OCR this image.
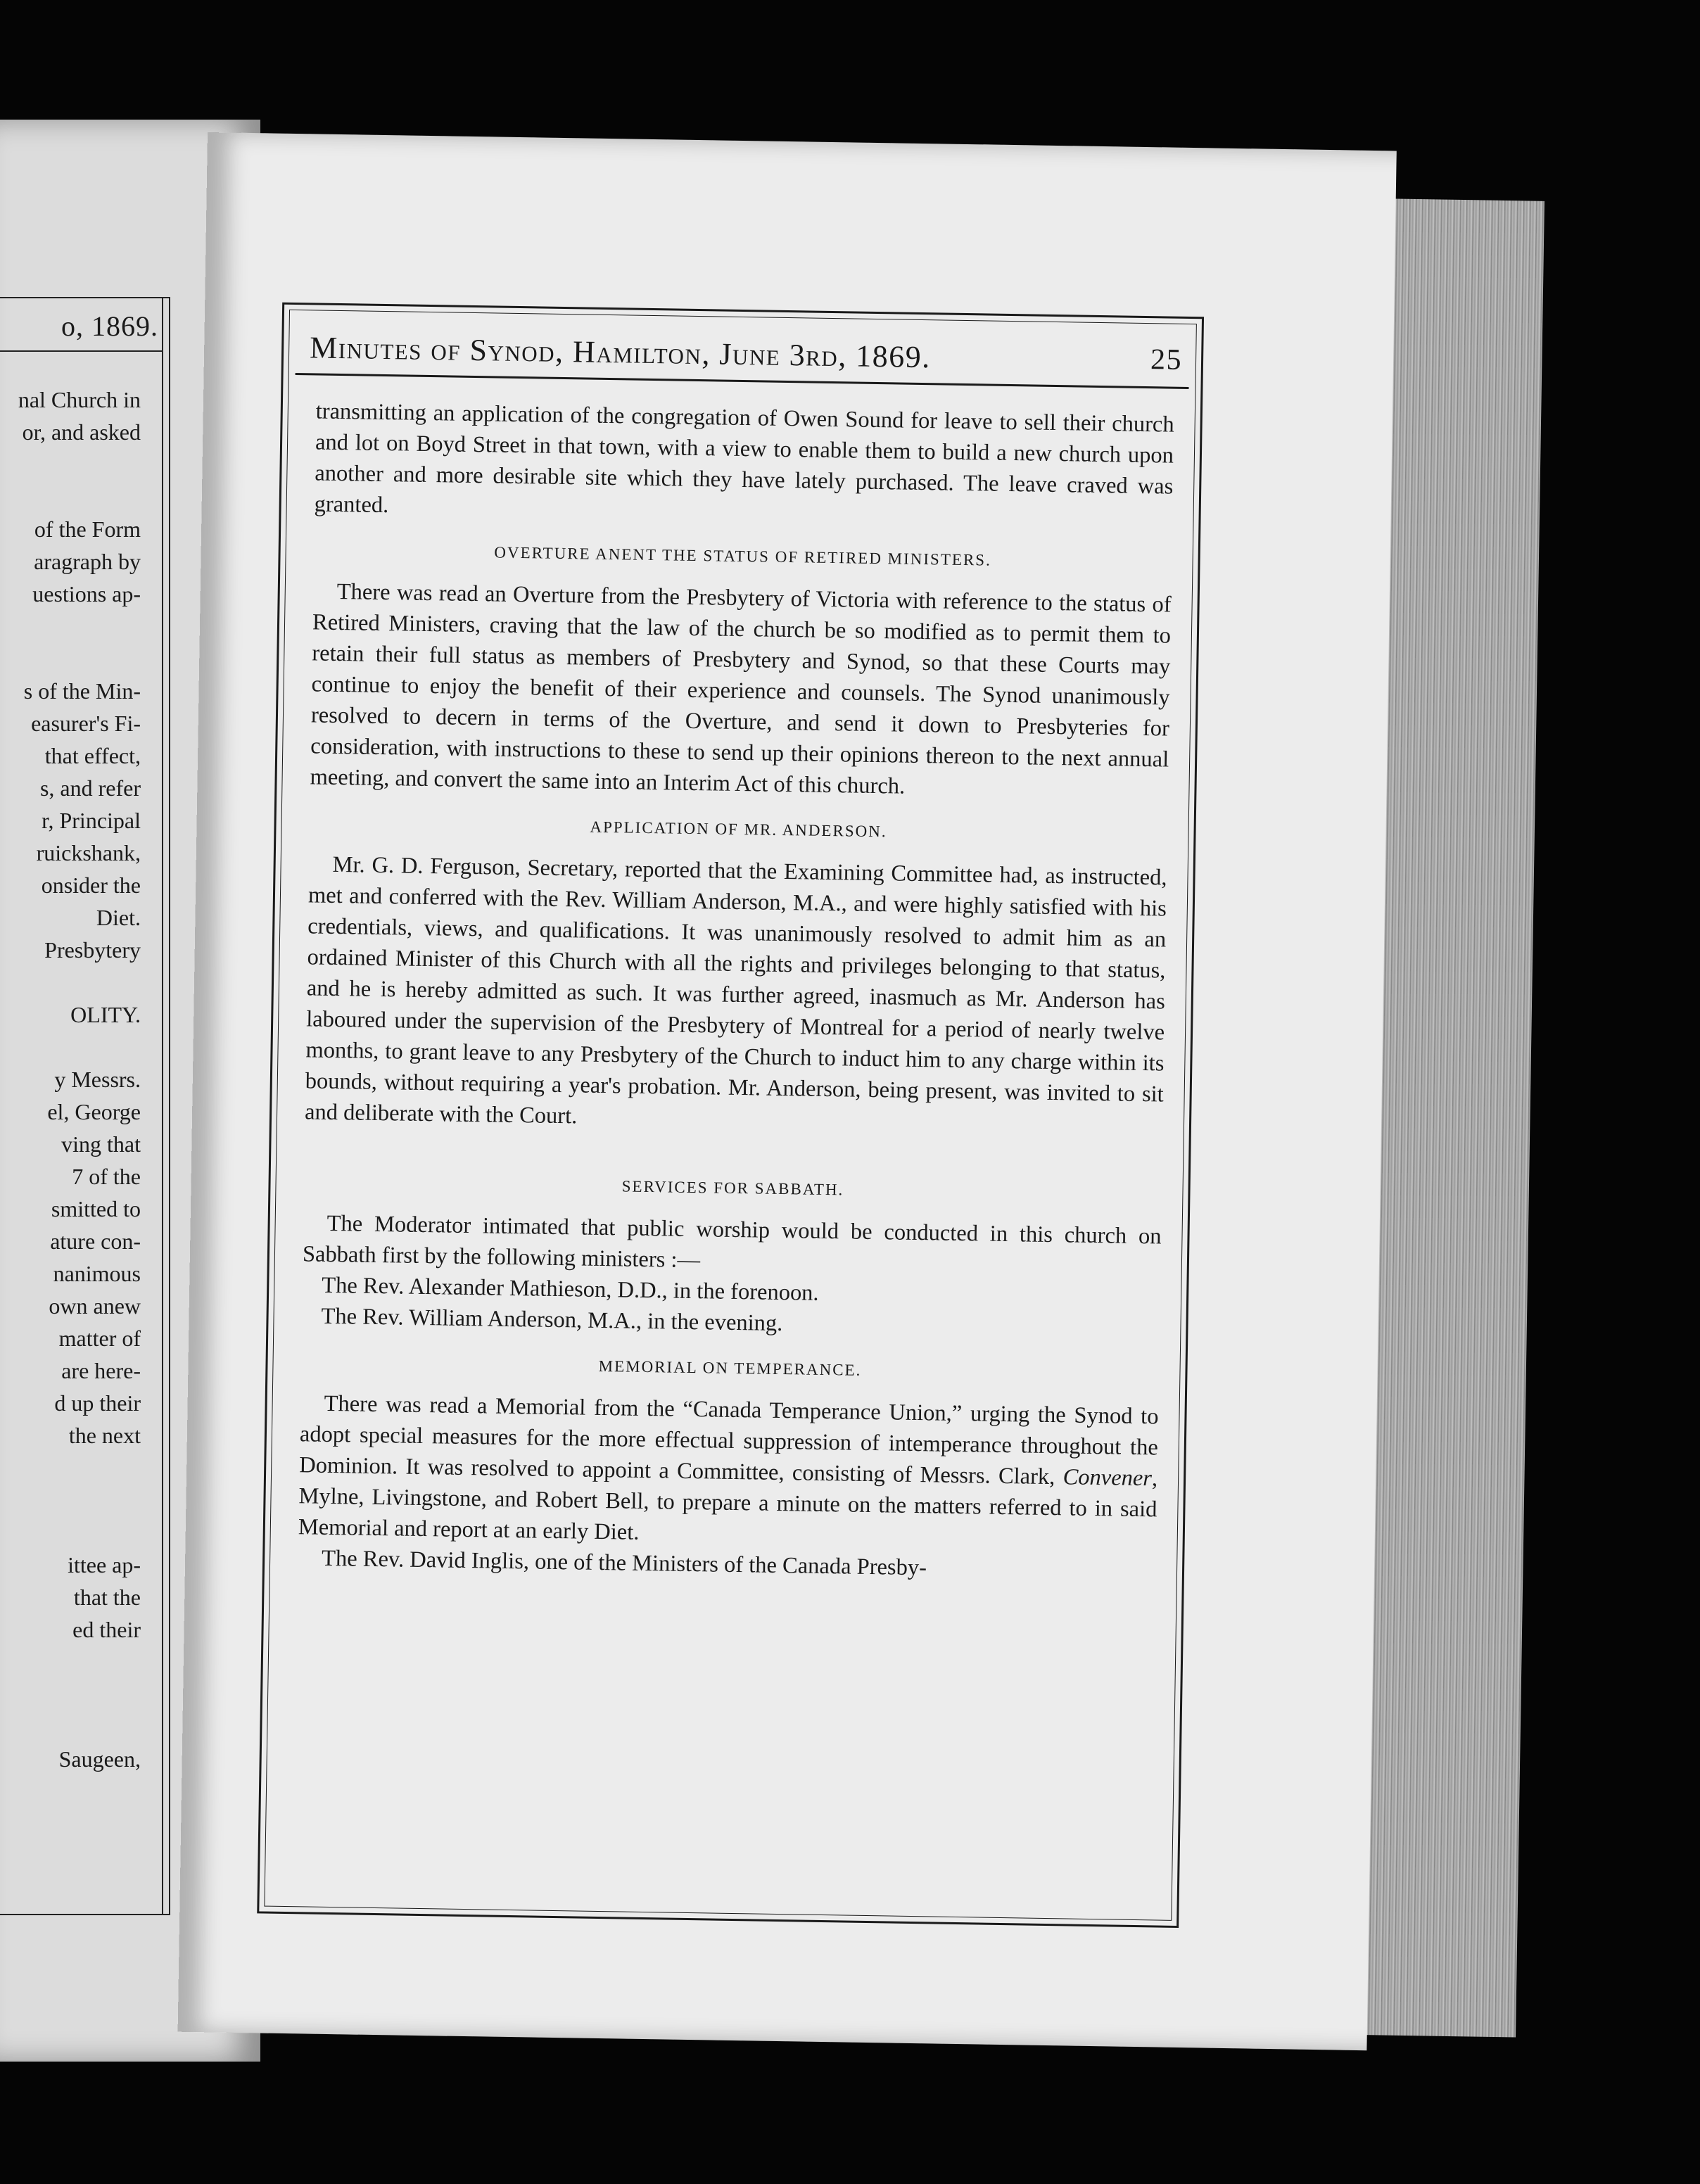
o, 1869.
nal Church in
or, and asked
of the Form
aragraph by
uestions ap-
s of the Min-
easurer's Fi-
that effect,
s, and refer
r, Principal
ruickshank,
onsider the
Diet.
Presbytery
OLITY.
y Messrs.
el, George
ving that
7 of the
smitted to
ature con-
nanimous
own anew
matter of
are here-
d up their
the next
ittee ap-
that the
ed their
Saugeen,
Minutes of Synod, Hamilton, June 3rd, 1869.	25

transmitting an application of the congregation of Owen Sound for leave to sell their church and lot on Boyd Street in that town, with a view to enable them to build a new church upon another and more desirable site which they have lately purchased. The leave craved was granted.

OVERTURE ANENT THE STATUS OF RETIRED MINISTERS.

There was read an Overture from the Presbytery of Victoria with reference to the status of Retired Ministers, craving that the law of the church be so modified as to permit them to retain their full status as members of Presbytery and Synod, so that these Courts may continue to enjoy the benefit of their experience and counsels. The Synod unanimously resolved to decern in terms of the Overture, and send it down to Presbyteries for consideration, with instructions to these to send up their opinions thereon to the next annual meeting, and convert the same into an Interim Act of this church.

APPLICATION OF MR. ANDERSON.

Mr. G. D. Ferguson, Secretary, reported that the Examining Committee had, as instructed, met and conferred with the Rev. William Anderson, M.A., and were highly satisfied with his credentials, views, and qualifications. It was unanimously resolved to admit him as an ordained Minister of this Church with all the rights and privileges belonging to that status, and he is hereby admitted as such. It was further agreed, inasmuch as Mr. Anderson has laboured under the supervision of the Presbytery of Montreal for a period of nearly twelve months, to grant leave to any Presbytery of the Church to induct him to any charge within its bounds, without requiring a year's probation. Mr. Anderson, being present, was invited to sit and deliberate with the Court.

SERVICES FOR SABBATH.

The Moderator intimated that public worship would be conducted in this church on Sabbath first by the following ministers :—

The Rev. Alexander Mathieson, D.D., in the forenoon.

The Rev. William Anderson, M.A., in the evening.

MEMORIAL ON TEMPERANCE.

There was read a Memorial from the “Canada Temperance Union,” urging the Synod to adopt special measures for the more effectual suppression of intemperance throughout the Dominion. It was resolved to appoint a Committee, consisting of Messrs. Clark, Convener, Mylne, Livingstone, and Robert Bell, to prepare a minute on the matters referred to in said Memorial and report at an early Diet.

The Rev. David Inglis, one of the Ministers of the Canada Presby-
